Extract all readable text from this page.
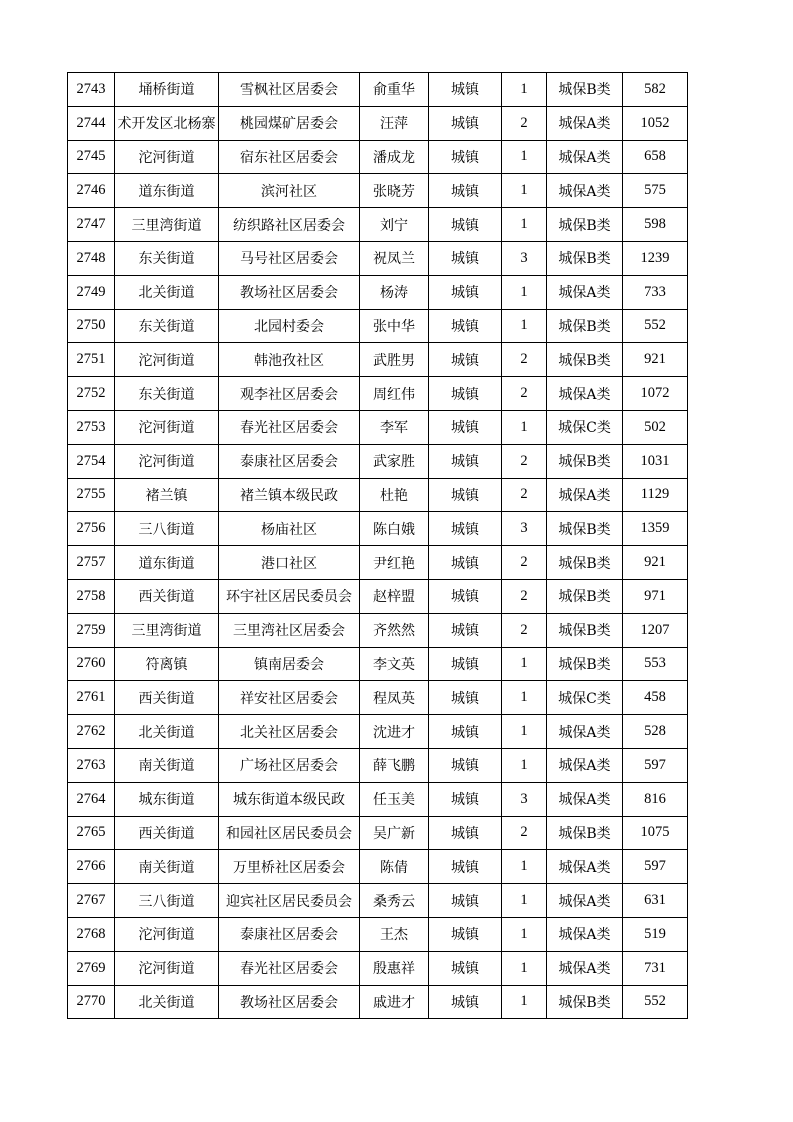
2743	埇桥街道	雪枫社区居委会	俞重华	城镇	1	城保B类	582
2744	术开发区北杨寨	桃园煤矿居委会	汪萍	城镇	2	城保A类	1052
2745	沱河街道	宿东社区居委会	潘成龙	城镇	1	城保A类	658
2746	道东街道	滨河社区	张晓芳	城镇	1	城保A类	575
2747	三里湾街道	纺织路社区居委会	刘宁	城镇	1	城保B类	598
2748	东关街道	马号社区居委会	祝凤兰	城镇	3	城保B类	1239
2749	北关街道	教场社区居委会	杨涛	城镇	1	城保A类	733
2750	东关街道	北园村委会	张中华	城镇	1	城保B类	552
2751	沱河街道	韩池孜社区	武胜男	城镇	2	城保B类	921
2752	东关街道	观李社区居委会	周红伟	城镇	2	城保A类	1072
2753	沱河街道	春光社区居委会	李军	城镇	1	城保C类	502
2754	沱河街道	泰康社区居委会	武家胜	城镇	2	城保B类	1031
2755	褚兰镇	褚兰镇本级民政	杜艳	城镇	2	城保A类	1129
2756	三八街道	杨庙社区	陈白娥	城镇	3	城保B类	1359
2757	道东街道	港口社区	尹红艳	城镇	2	城保B类	921
2758	西关街道	环宇社区居民委员会	赵梓盟	城镇	2	城保B类	971
2759	三里湾街道	三里湾社区居委会	齐然然	城镇	2	城保B类	1207
2760	符离镇	镇南居委会	李文英	城镇	1	城保B类	553
2761	西关街道	祥安社区居委会	程凤英	城镇	1	城保C类	458
2762	北关街道	北关社区居委会	沈进才	城镇	1	城保A类	528
2763	南关街道	广场社区居委会	薛飞鹏	城镇	1	城保A类	597
2764	城东街道	城东街道本级民政	任玉美	城镇	3	城保A类	816
2765	西关街道	和园社区居民委员会	吴广新	城镇	2	城保B类	1075
2766	南关街道	万里桥社区居委会	陈倩	城镇	1	城保A类	597
2767	三八街道	迎宾社区居民委员会	桑秀云	城镇	1	城保A类	631
2768	沱河街道	泰康社区居委会	王杰	城镇	1	城保A类	519
2769	沱河街道	春光社区居委会	殷惠祥	城镇	1	城保A类	731
2770	北关街道	教场社区居委会	戚进才	城镇	1	城保B类	552
